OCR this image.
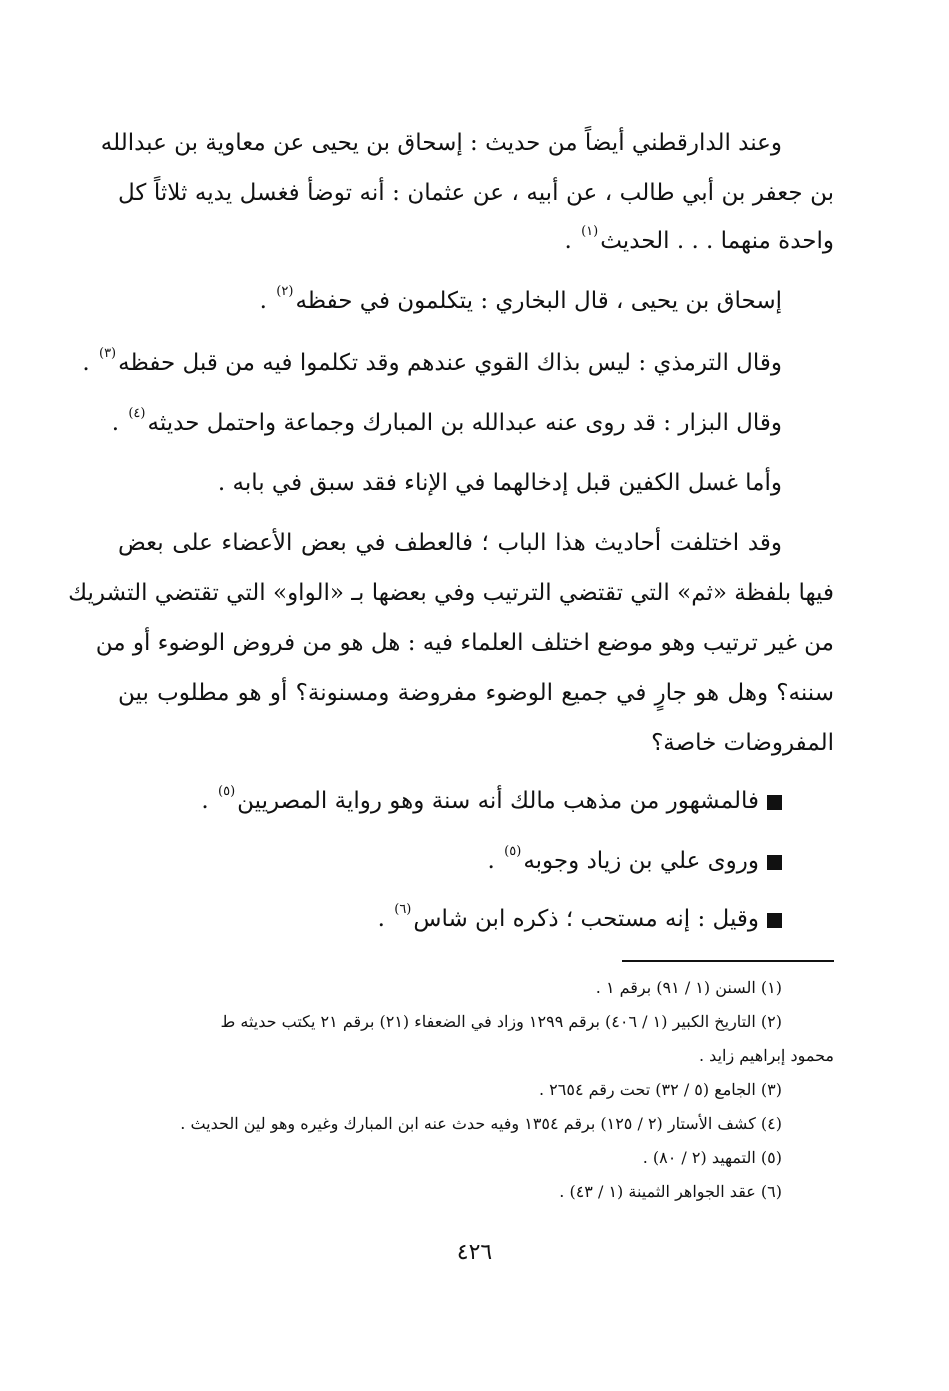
وعند الدارقطني أيضاً من حديث : إسحاق بن يحيى عن معاوية بن عبدالله
بن جعفر بن أبي طالب ، عن أبيه ، عن عثمان : أنه توضأ فغسل يديه ثلاثاً كل
واحدة منهما . . . الحديث$^{(١)}$ .
إسحاق بن يحيى ، قال البخاري : يتكلمون في حفظه$^{(٢)}$ .
وقال الترمذي : ليس بذاك القوي عندهم وقد تكلموا فيه من قبل حفظه$^{(٣)}$ .
وقال البزار : قد روى عنه عبدالله بن المبارك وجماعة واحتمل حديثه$^{(٤)}$ .
وأما غسل الكفين قبل إدخالهما في الإناء فقد سبق في بابه .
وقد اختلفت أحاديث هذا الباب ؛ فالعطف في بعض الأعضاء على بعض
فيها بلفظة «ثم» التي تقتضي الترتيب وفي بعضها بـ «الواو» التي تقتضي التشريك
من غير ترتيب وهو موضع اختلف العلماء فيه : هل هو من فروض الوضوء أو من
سننه؟ وهل هو جارٍ في جميع الوضوء مفروضة ومسنونة؟ أو هو مطلوب بين
المفروضات خاصة؟
فالمشهور من مذهب مالك أنه سنة وهو رواية المصريين$^{(٥)}$ .
وروى علي بن زياد وجوبه$^{(٥)}$ .
وقيل : إنه مستحب ؛ ذكره ابن شاس$^{(٦)}$ .
(١) السنن (١ / ٩١) برقم ١ .
(٢) التاريخ الكبير (١ / ٤٠٦) برقم ١٢٩٩ وزاد في الضعفاء (٢١) برقم ٢١ يكتب حديثه ط
محمود إبراهيم زايد .
(٣) الجامع (٥ / ٣٢) تحت رقم ٢٦٥٤ .
(٤) كشف الأستار (٢ / ١٢٥) برقم ١٣٥٤ وفيه حدث عنه ابن المبارك وغيره وهو لين الحديث .
(٥) التمهيد (٢ / ٨٠) .
(٦) عقد الجواهر الثمينة (١ / ٤٣) .
٤٢٦
